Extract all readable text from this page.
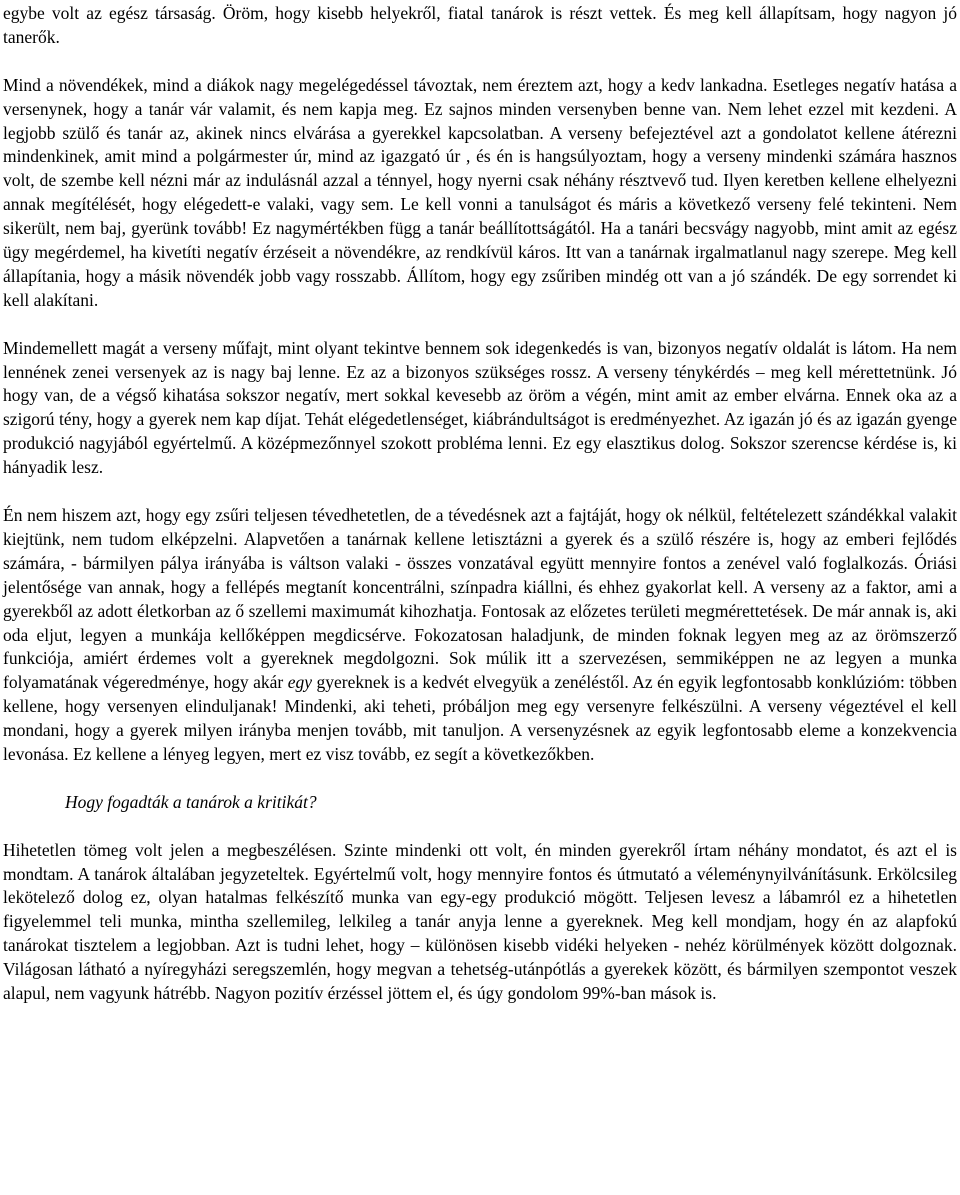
egybe volt az egész társaság. Öröm, hogy kisebb helyekről, fiatal tanárok is részt vettek. És meg kell állapítsam, hogy nagyon jó tanerők.

Mind a növendékek, mind a diákok nagy megelégedéssel távoztak, nem éreztem azt, hogy a kedv lankadna. Esetleges negatív hatása a versenynek, hogy a tanár vár valamit, és nem kapja meg. Ez sajnos minden versenyben benne van. Nem lehet ezzel mit kezdeni. A legjobb szülő és tanár az, akinek nincs elvárása a gyerekkel kapcsolatban. A verseny befejeztével azt a gondolatot kellene átérezni mindenkinek, amit mind a polgármester úr, mind az igazgató úr , és én is hangsúlyoztam, hogy a verseny mindenki számára hasznos volt, de szembe kell nézni már az indulásnál azzal a ténnyel, hogy nyerni csak néhány résztvevő tud. Ilyen keretben kellene elhelyezni annak megítélését, hogy elégedett-e valaki, vagy sem. Le kell vonni a tanulságot és máris a következő verseny felé tekinteni. Nem sikerült, nem baj, gyerünk tovább! Ez nagymértékben függ a tanár beállítottságától. Ha a tanári becsvágy nagyobb, mint amit az egész ügy megérdemel, ha kivetíti negatív érzéseit a növendékre, az rendkívül káros. Itt van a tanárnak irgalmatlanul nagy szerepe. Meg kell állapítania, hogy a másik növendék jobb vagy rosszabb. Állítom, hogy egy zsűriben mindég ott van a jó szándék. De egy sorrendet ki kell alakítani.

Mindemellett magát a verseny műfajt, mint olyant tekintve bennem sok idegenkedés is van, bizonyos negatív oldalát is látom. Ha nem lennének zenei versenyek az is nagy baj lenne. Ez az a bizonyos szükséges rossz. A verseny ténykérdés – meg kell mérettetnünk. Jó hogy van, de a végső kihatása sokszor negatív, mert sokkal kevesebb az öröm a végén, mint amit az ember elvárna. Ennek oka az a szigorú tény, hogy a gyerek nem kap díjat. Tehát elégedetlenséget, kiábrándultságot is eredményezhet. Az igazán jó és az igazán gyenge produkció nagyjából egyértelmű. A középmezőnnyel szokott probléma lenni. Ez egy elasztikus dolog. Sokszor szerencse kérdése is, ki hányadik lesz.

Én nem hiszem azt, hogy egy zsűri teljesen tévedhetetlen, de a tévedésnek azt a fajtáját, hogy ok nélkül, feltételezett szándékkal valakit kiejtünk, nem tudom elképzelni. Alapvetően a tanárnak kellene letisztázni a gyerek és a szülő részére is, hogy az emberi fejlődés számára, - bármilyen pálya irányába is váltson valaki - összes vonzatával együtt mennyire fontos a zenével való foglalkozás. Óriási jelentősége van annak, hogy a fellépés megtanít koncentrálni, színpadra kiállni, és ehhez gyakorlat kell. A verseny az a faktor, ami a gyerekből az adott életkorban az ő szellemi maximumát kihozhatja. Fontosak az előzetes területi megmérettetések. De már annak is, aki oda eljut, legyen a munkája kellőképpen megdicsérve. Fokozatosan haladjunk, de minden foknak legyen meg az az örömszerző funkciója, amiért érdemes volt a gyereknek megdolgozni. Sok múlik itt a szervezésen, semmiképpen ne az legyen a munka folyamatának végeredménye, hogy akár egy gyereknek is a kedvét elvegyük a zenéléstől. Az én egyik legfontosabb konklúzióm: többen kellene, hogy versenyen elinduljanak! Mindenki, aki teheti, próbáljon meg egy versenyre felkészülni. A verseny végeztével el kell mondani, hogy a gyerek milyen irányba menjen tovább, mit tanuljon. A versenyzésnek az egyik legfontosabb eleme a konzekvencia levonása. Ez kellene a lényeg legyen, mert ez visz tovább, ez segít a következőkben.

Hogy fogadták a tanárok a kritikát?

Hihetetlen tömeg volt jelen a megbeszélésen. Szinte mindenki ott volt, én minden gyerekről írtam néhány mondatot, és azt el is mondtam. A tanárok általában jegyzeteltek. Egyértelmű volt, hogy mennyire fontos és útmutató a véleménynyilvánításunk. Erkölcsileg lekötelező dolog ez, olyan hatalmas felkészítő munka van egy-egy produkció mögött. Teljesen levesz a lábamról ez a hihetetlen figyelemmel teli munka, mintha szellemileg, lelkileg a tanár anyja lenne a gyereknek. Meg kell mondjam, hogy én az alapfokú tanárokat tisztelem a legjobban. Azt is tudni lehet, hogy – különösen kisebb vidéki helyeken - nehéz körülmények között dolgoznak. Világosan látható a nyíregyházi seregszemlén, hogy megvan a tehetség-utánpótlás a gyerekek között, és bármilyen szempontot veszek alapul, nem vagyunk hátrébb. Nagyon pozitív érzéssel jöttem el, és úgy gondolom 99%-ban mások is.
